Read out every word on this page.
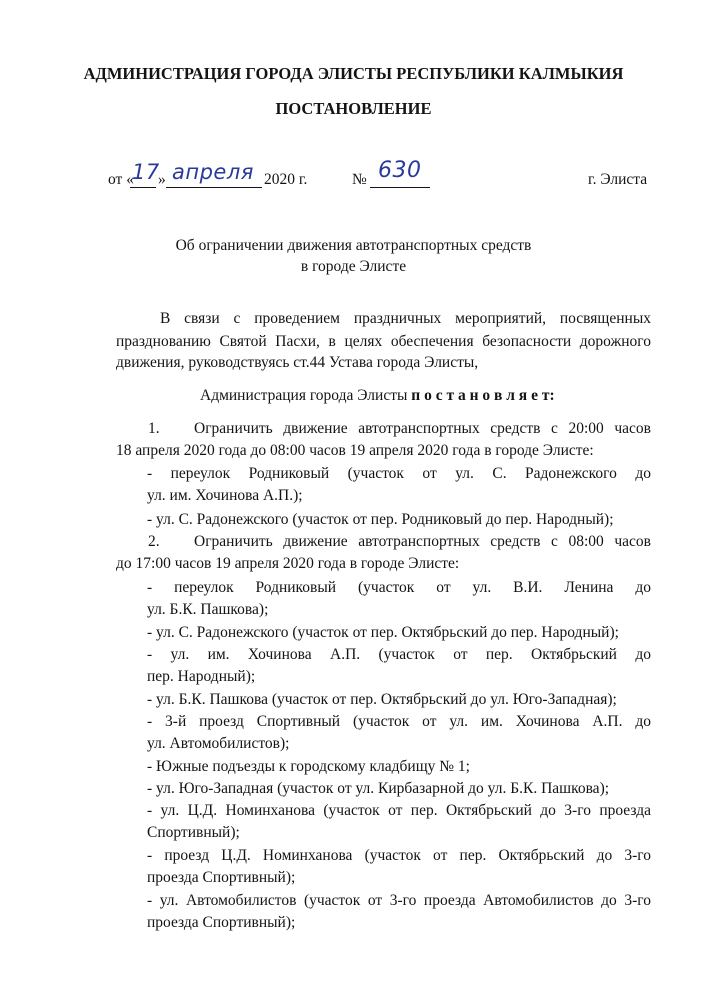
АДМИНИСТРАЦИЯ ГОРОДА ЭЛИСТЫ РЕСПУБЛИКИ КАЛМЫКИЯ
ПОСТАНОВЛЕНИЕ
от «
17
» апреля 2020 г.	№ 630	г. Элиста
Об ограничении движения автотранспортных средств
в городе Элисте
В связи с проведением праздничных мероприятий, посвященных
празднованию Святой Пасхи, в целях обеспечения безопасности дорожного
движения, руководствуясь ст.44 Устава города Элисты,
Администрация города Элисты п о с т а н о в л я е т:
1. Ограничить движение автотранспортных средств с 20:00 часов
18 апреля 2020 года до 08:00 часов 19 апреля 2020 года в городе Элисте:
- переулок Родниковый (участок от ул. С. Радонежского до
ул. им. Хочинова А.П.);
- ул. С. Радонежского (участок от пер. Родниковый до пер. Народный);
2. Ограничить движение автотранспортных средств с 08:00 часов
до 17:00 часов 19 апреля 2020 года в городе Элисте:
- переулок Родниковый (участок от ул. В.И. Ленина до
ул. Б.К. Пашкова);
- ул. С. Радонежского (участок от пер. Октябрьский до пер. Народный);
- ул. им. Хочинова А.П. (участок от пер. Октябрьский до
пер. Народный);
- ул. Б.К. Пашкова (участок от пер. Октябрьский до ул. Юго-Западная);
- 3-й проезд Спортивный (участок от ул. им. Хочинова А.П. до
ул. Автомобилистов);
- Южные подъезды к городскому кладбищу № 1;
- ул. Юго-Западная (участок от ул. Кирбазарной до ул. Б.К. Пашкова);
- ул. Ц.Д. Номинханова (участок от пер. Октябрьский до 3-го проезда
Спортивный);
- проезд Ц.Д. Номинханова (участок от пер. Октябрьский до 3-го
проезда Спортивный);
- ул. Автомобилистов (участок от 3-го проезда Автомобилистов до 3-го
проезда Спортивный);
